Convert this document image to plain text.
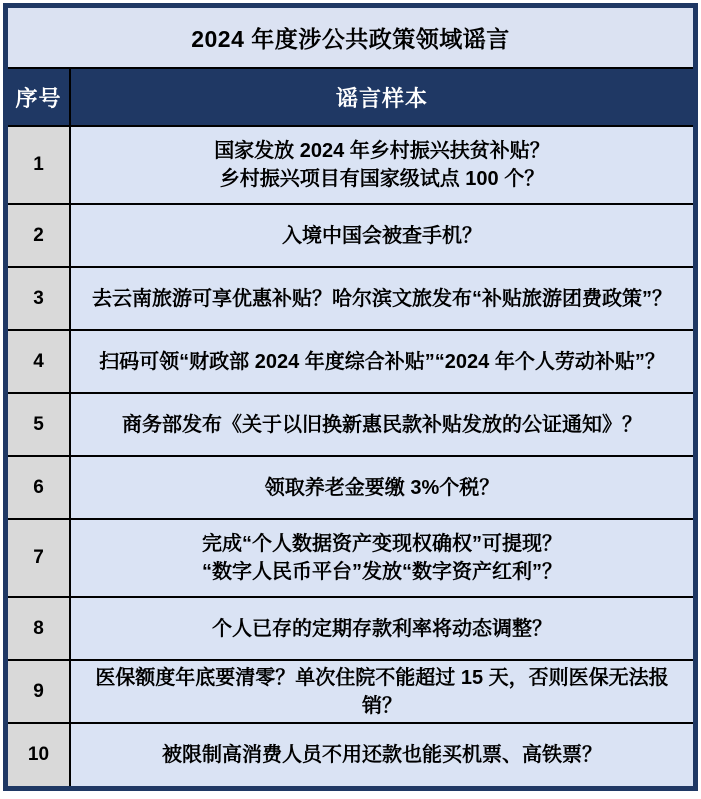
2024 年度涉公共政策领域谣言	
序号	谣言样本
1	国家发放 2024 年乡村振兴扶贫补贴？
乡村振兴项目有国家级试点 100 个？

2	入境中国会被查手机？

3	去云南旅游可享优惠补贴？哈尔滨文旅发布“补贴旅游团费政策”？

4	扫码可领“财政部 2024 年度综合补贴”“2024 年个人劳动补贴”？

5	商务部发布《关于以旧换新惠民款补贴发放的公证通知》？

6	领取养老金要缴 3%个税？

7	完成“个人数据资产变现权确权”可提现？
“数字人民币平台”发放“数字资产红利”？

8	个人已存的定期存款利率将动态调整？

9	医保额度年底要清零？单次住院不能超过 15 天，否则医保无法报销？

10	被限制高消费人员不用还款也能买机票、高铁票？
